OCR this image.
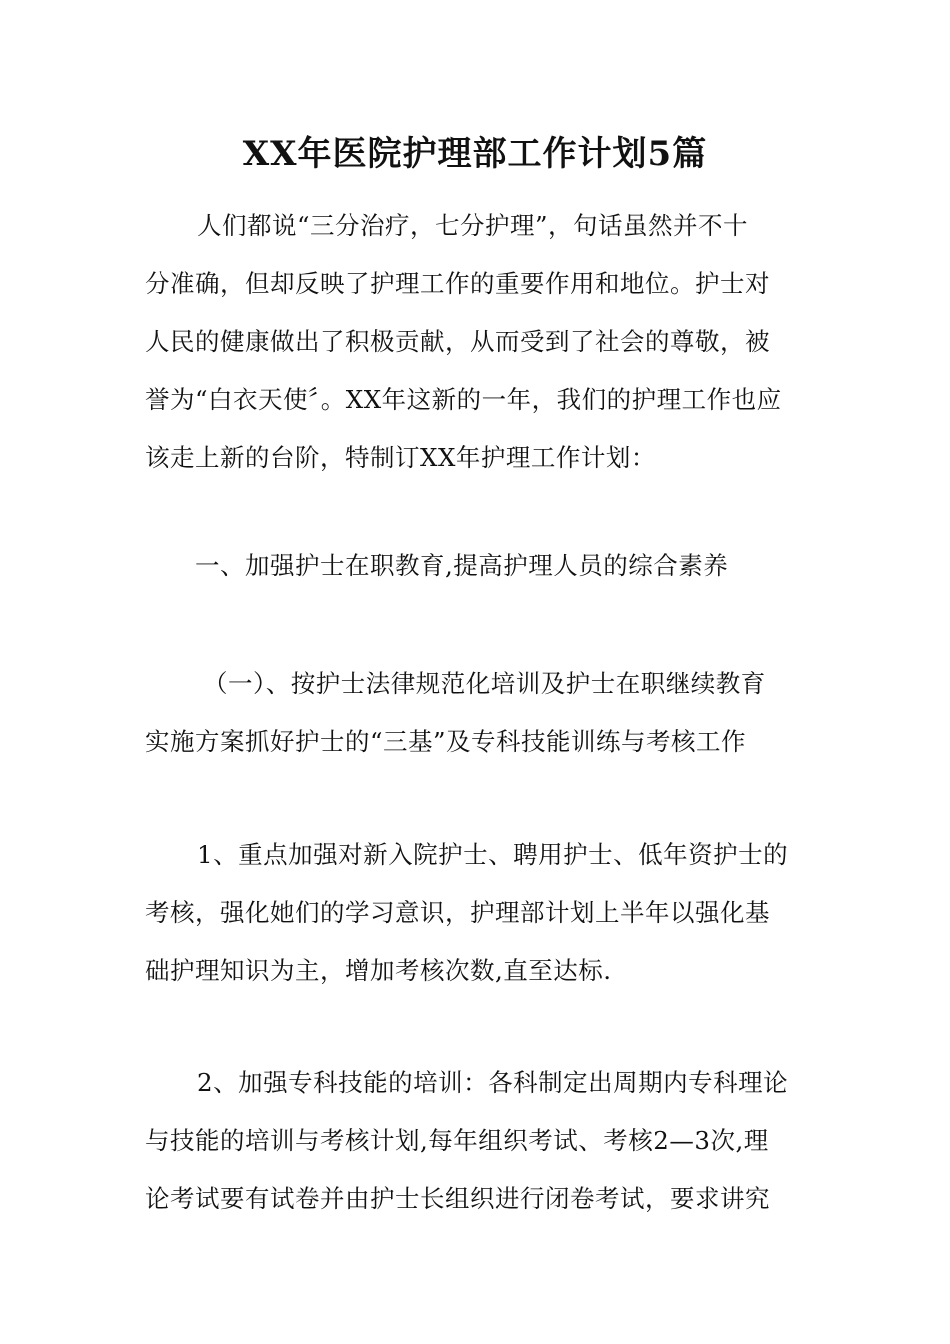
XX年医院护理部工作计划5篇
人们都说“三分治疗，七分护理”，句话虽然并不十
分准确，但却反映了护理工作的重要作用和地位。护士对
人民的健康做出了积极贡献，从而受到了社会的尊敬，被
誉为“白衣天使〞。XX年这新的一年，我们的护理工作也应
该走上新的台阶，特制订XX年护理工作计划：
一、加强护士在职教育,提高护理人员的综合素养
（一）、按护士法律规范化培训及护士在职继续教育
实施方案抓好护士的“三基”及专科技能训练与考核工作
1、重点加强对新入院护士、聘用护士、低年资护士的
考核，强化她们的学习意识，护理部计划上半年以强化基
础护理知识为主，增加考核次数,直至达标.
2、加强专科技能的培训：各科制定出周期内专科理论
与技能的培训与考核计划,每年组织考试、考核2—3次,理
论考试要有试卷并由护士长组织进行闭卷考试，要求讲究
